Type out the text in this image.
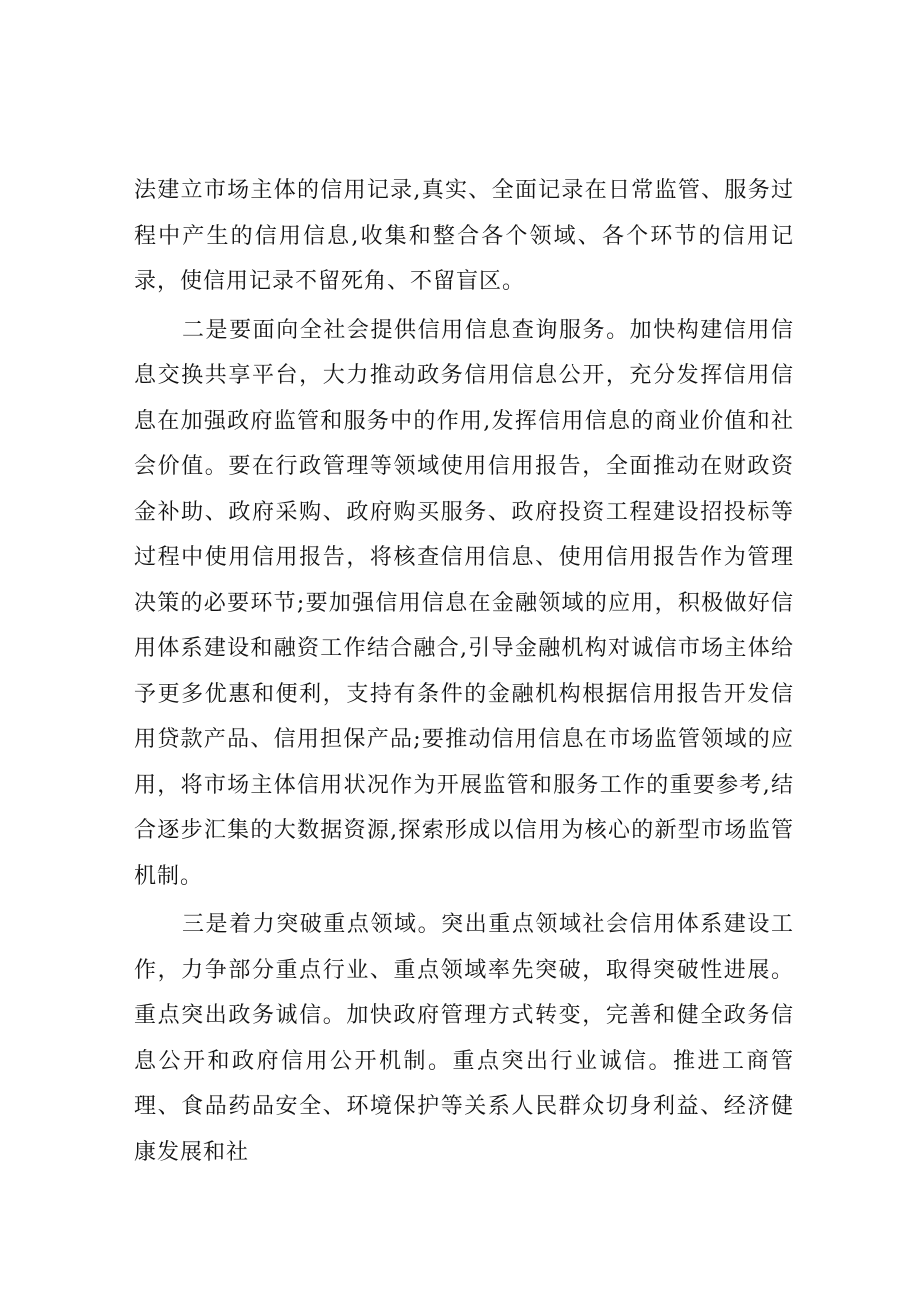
法建立市场主体的信用记录,真实、全面记录在日常监管、服务过程中产生的信用信息,收集和整合各个领域、各个环节的信用记录，使信用记录不留死角、不留盲区。

二是要面向全社会提供信用信息查询服务。加快构建信用信息交换共享平台，大力推动政务信用信息公开，充分发挥信用信息在加强政府监管和服务中的作用,发挥信用信息的商业价值和社会价值。要在行政管理等领域使用信用报告，全面推动在财政资金补助、政府采购、政府购买服务、政府投资工程建设招投标等过程中使用信用报告，将核查信用信息、使用信用报告作为管理决策的必要环节;要加强信用信息在金融领域的应用，积极做好信用体系建设和融资工作结合融合,引导金融机构对诚信市场主体给予更多优惠和便利，支持有条件的金融机构根据信用报告开发信用贷款产品、信用担保产品;要推动信用信息在市场监管领域的应用，将市场主体信用状况作为开展监管和服务工作的重要参考,结合逐步汇集的大数据资源,探索形成以信用为核心的新型市场监管机制。

三是着力突破重点领域。突出重点领域社会信用体系建设工作，力争部分重点行业、重点领域率先突破，取得突破性进展。重点突出政务诚信。加快政府管理方式转变，完善和健全政务信息公开和政府信用公开机制。重点突出行业诚信。推进工商管理、食品药品安全、环境保护等关系人民群众切身利益、经济健康发展和社
